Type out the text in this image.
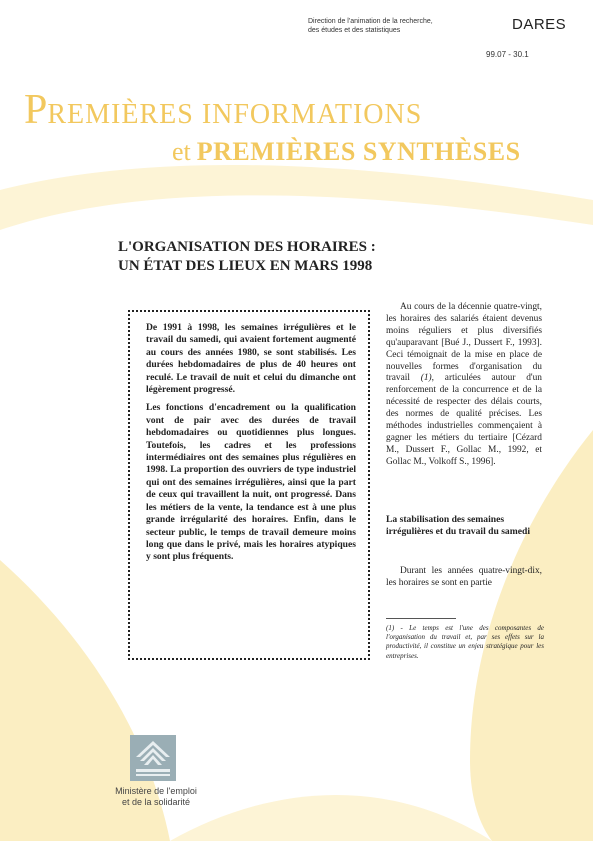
Direction de l'animation de la recherche,
des études et des statistiques	DARES
99.07 - 30.1
PREMIÈRES INFORMATIONS
et PREMIÈRES SYNTHÈSES
L'ORGANISATION DES HORAIRES :
UN ÉTAT DES LIEUX EN MARS 1998

De 1991 à 1998, les semaines irrégulières et le travail du samedi, qui avaient fortement augmenté au cours des années 1980, se sont stabilisés. Les durées hebdomadaires de plus de 40 heures ont reculé. Le travail de nuit et celui du dimanche ont légèrement progressé.

Les fonctions d'encadrement ou la qualification vont de pair avec des durées de travail hebdomadaires ou quotidiennes plus longues. Toutefois, les cadres et les professions intermédiaires ont des semaines plus régulières en 1998. La proportion des ouvriers de type industriel qui ont des semaines irrégulières, ainsi que la part de ceux qui travaillent la nuit, ont progressé. Dans les métiers de la vente, la tendance est à une plus grande irrégularité des horaires. Enfin, dans le secteur public, le temps de travail demeure moins long que dans le privé, mais les horaires atypiques y sont plus fréquents.

Au cours de la décennie quatre-vingt, les horaires des salariés étaient devenus moins réguliers et plus diversifiés qu'auparavant [Bué J., Dussert F., 1993]. Ceci témoignait de la mise en place de nouvelles formes d'organisation du travail (1), articulées autour d'un renforcement de la concurrence et de la nécessité de respecter des délais courts, des normes de qualité précises. Les méthodes industrielles commençaient à gagner les métiers du tertiaire [Cézard M., Dussert F., Gollac M., 1992, et Gollac M., Volkoff S., 1996].

La stabilisation des semaines irrégulières et du travail du samedi

Durant les années quatre-vingt-dix, les horaires se sont en partie

(1) - Le temps est l'une des composantes de l'organisation du travail et, par ses effets sur la productivité, il constitue un enjeu stratégique pour les entreprises.
Ministère de l'emploi
et de la solidarité
